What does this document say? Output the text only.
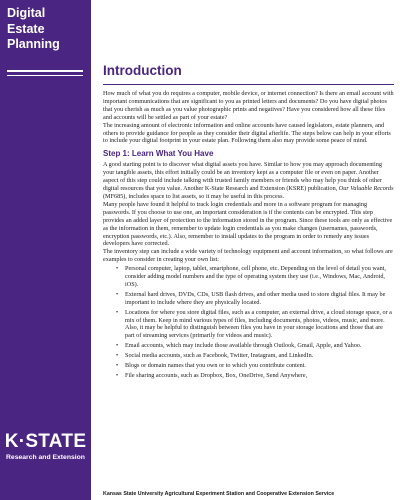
Digital
Estate
Planning
K·STATE
Research and Extension
Introduction

How much of what you do requires a computer, mobile device, or internet connection? Is there an email account with important communications that are significant to you as printed letters and documents? Do you have digital photos that you cherish as much as you value photographic prints and negatives? Have you considered how all these files and accounts will be settled as part of your estate?

The increasing amount of electronic information and online accounts have caused legislators, estate planners, and others to provide guidance for people as they consider their digital afterlife. The steps below can help in your efforts to include your digital footprint in your estate plan. Following them also may provide some peace of mind.

Step 1: Learn What You Have

A good starting point is to discover what digital assets you have. Similar to how you may approach documenting your tangible assets, this effort initially could be an inventory kept as a computer file or even on paper. Another aspect of this step could include talking with trusted family members or friends who may help you think of other digital resources that you value. Another K-State Research and Extension (KSRE) publication, Our Valuable Records (MF685), includes space to list assets, so it may be useful in this process.

Many people have found it helpful to track login credentials and more in a software program for managing passwords. If you choose to use one, an important consideration is if the contents can be encrypted. This step provides an added layer of protection to the information stored in the program. Since these tools are only as effective as the information in them, remember to update login credentials as you make changes (usernames, passwords, encryption passwords, etc.). Also, remember to install updates to the program in order to remedy any issues developers have corrected.

The inventory step can include a wide variety of technology equipment and account information, so what follows are examples to consider in creating your own list:

• Personal computer, laptop, tablet, smartphone, cell phone, etc. Depending on the level of detail you want, consider adding model numbers and the type of operating system they use (i.e., Windows, Mac, Android, iOS).
• External hard drives, DVDs, CDs, USB flash drives, and other media used to store digital files. It may be important to include where they are physically located.
• Locations for where you store digital files, such as a computer, an external drive, a cloud storage space, or a mix of them. Keep in mind various types of files, including documents, photos, videos, music, and more. Also, it may be helpful to distinguish between files you have in your storage locations and those that are part of streaming services (primarily for videos and music).
• Email accounts, which may include those available through Outlook, Gmail, Apple, and Yahoo.
• Social media accounts, such as Facebook, Twitter, Instagram, and LinkedIn.
• Blogs or domain names that you own or to which you contribute content.
• File sharing accounts, such as Dropbox, Box, OneDrive, Send Anywhere,
Kansas State University Agricultural Experiment Station and Cooperative Extension Service
